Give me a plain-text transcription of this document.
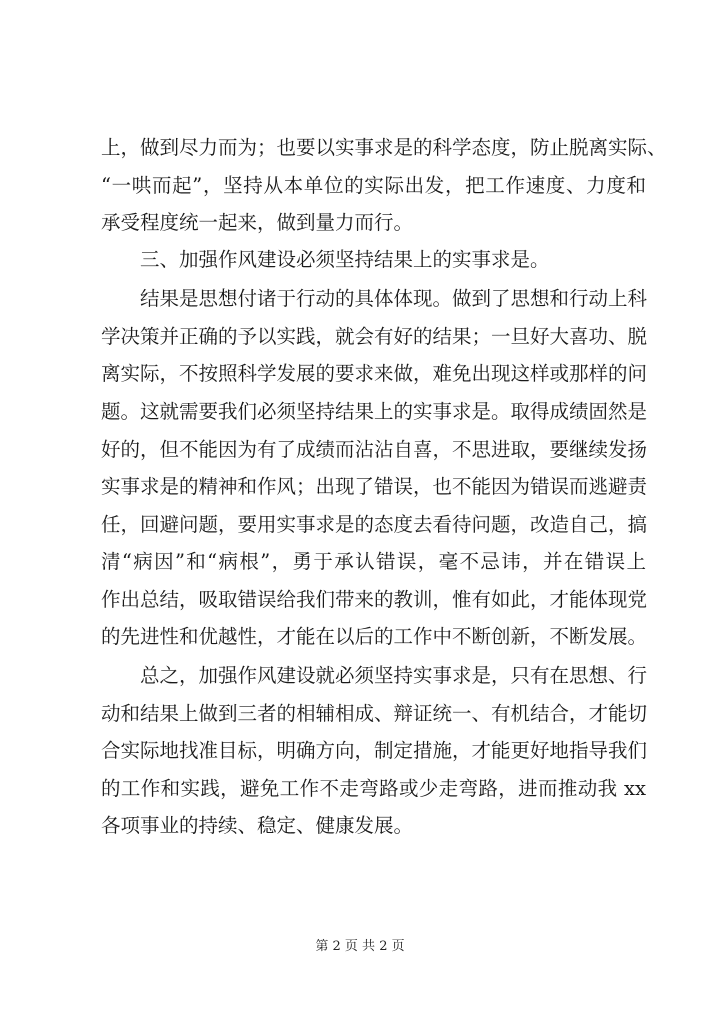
上，做到尽力而为；也要以实事求是的科学态度，防止脱离实际、
“一哄而起”，坚持从本单位的实际出发，把工作速度、力度和
承受程度统一起来，做到量力而行。
三、加强作风建设必须坚持结果上的实事求是。
结果是思想付诸于行动的具体体现。做到了思想和行动上科
学决策并正确的予以实践，就会有好的结果；一旦好大喜功、脱
离实际，不按照科学发展的要求来做，难免出现这样或那样的问
题。这就需要我们必须坚持结果上的实事求是。取得成绩固然是
好的，但不能因为有了成绩而沾沾自喜，不思进取，要继续发扬
实事求是的精神和作风；出现了错误，也不能因为错误而逃避责
任，回避问题，要用实事求是的态度去看待问题，改造自己，搞
清“病因”和“病根”，勇于承认错误，毫不忌讳，并在错误上
作出总结，吸取错误给我们带来的教训，惟有如此，才能体现党
的先进性和优越性，才能在以后的工作中不断创新，不断发展。
总之，加强作风建设就必须坚持实事求是，只有在思想、行
动和结果上做到三者的相辅相成、辩证统一、有机结合，才能切
合实际地找准目标，明确方向，制定措施，才能更好地指导我们
的工作和实践，避免工作不走弯路或少走弯路，进而推动我 xx
各项事业的持续、稳定、健康发展。
第 2 页 共 2 页
